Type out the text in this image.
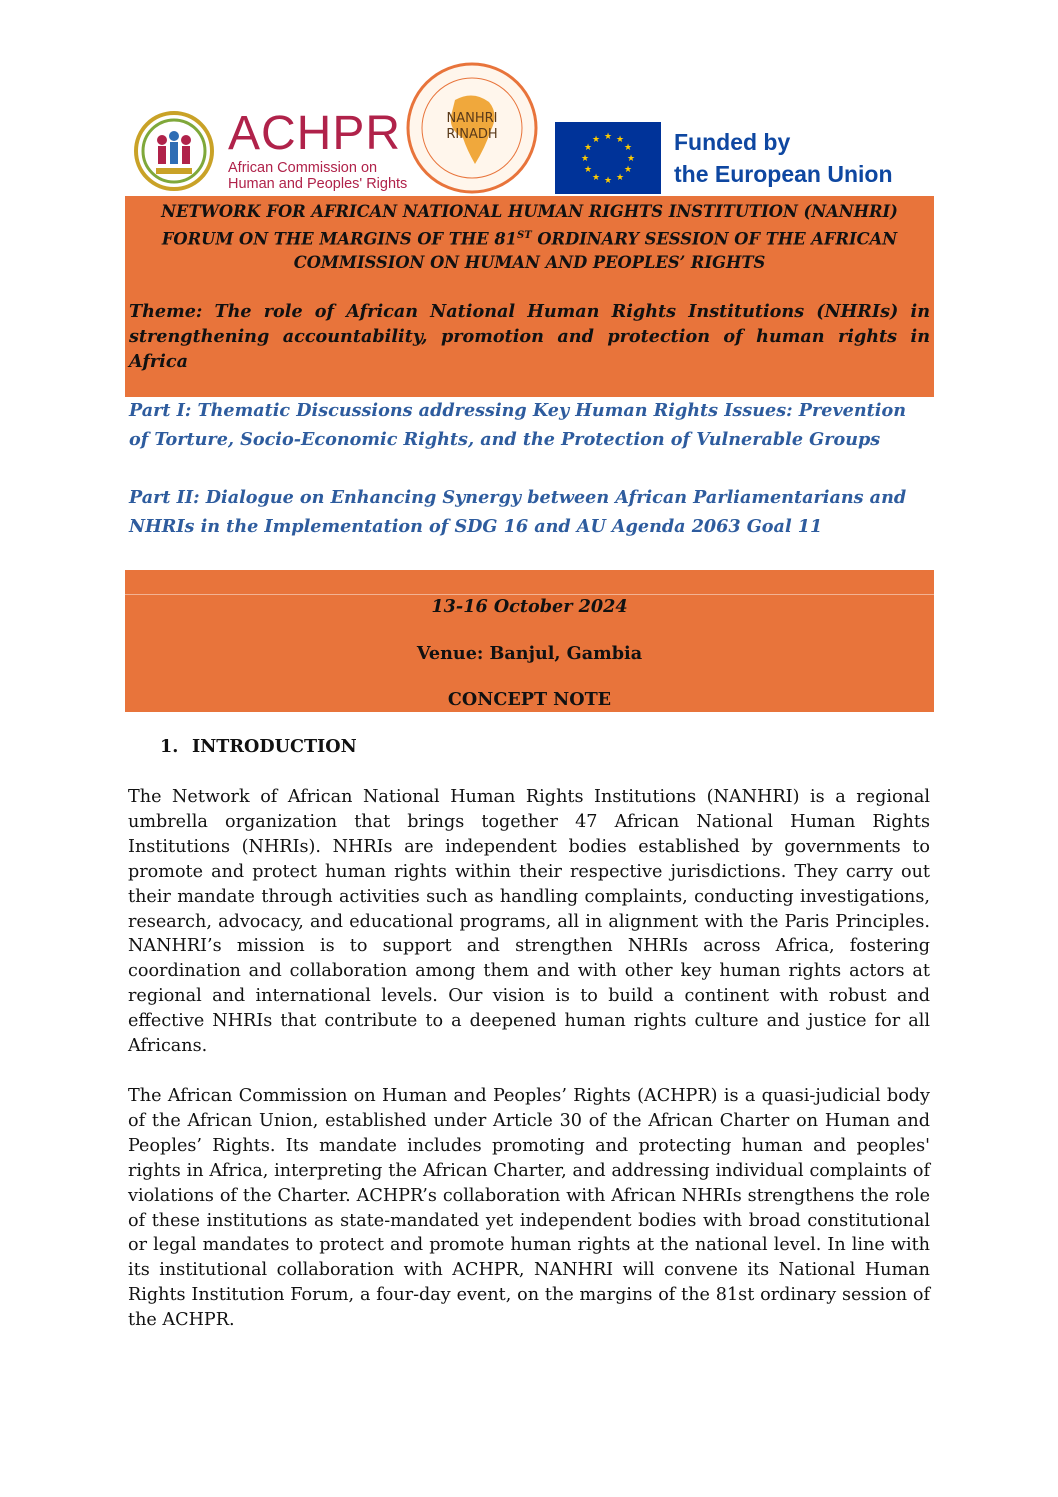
ACHPR
African Commission on
Human and Peoples' Rights
NANHRI
RINADH	★ ★
★
★
★
★
★
★
★
★
★
★	Funded by
the European Union
NETWORK FOR AFRICAN NATIONAL HUMAN RIGHTS INSTITUTION (NANHRI) FORUM ON THE MARGINS OF THE 81ST ORDINARY SESSION OF THE AFRICAN COMMISSION ON HUMAN AND PEOPLES’ RIGHTS
Theme: The role of African National Human Rights Institutions (NHRIs) in strengthening accountability, promotion and protection of human rights in Africa
Part I: Thematic Discussions addressing Key Human Rights Issues: Prevention of Torture, Socio-Economic Rights, and the Protection of Vulnerable Groups
Part II: Dialogue on Enhancing Synergy between African Parliamentarians and NHRIs in the Implementation of SDG 16 and AU Agenda 2063 Goal 11
13-16 October 2024
Venue: Banjul, Gambia
CONCEPT NOTE
1. INTRODUCTION

The Network of African National Human Rights Institutions (NANHRI) is a regional umbrella organization that brings together 47 African National Human Rights Institutions (NHRIs). NHRIs are independent bodies established by governments to promote and protect human rights within their respective jurisdictions. They carry out their mandate through activities such as handling complaints, conducting investigations, research, advocacy, and educational programs, all in alignment with the Paris Principles. NANHRI’s mission is to support and strengthen NHRIs across Africa, fostering coordination and collaboration among them and with other key human rights actors at regional and international levels. Our vision is to build a continent with robust and effective NHRIs that contribute to a deepened human rights culture and justice for all Africans.

The African Commission on Human and Peoples’ Rights (ACHPR) is a quasi-judicial body of the African Union, established under Article 30 of the African Charter on Human and Peoples’ Rights. Its mandate includes promoting and protecting human and peoples' rights in Africa, interpreting the African Charter, and addressing individual complaints of violations of the Charter. ACHPR’s collaboration with African NHRIs strengthens the role of these institutions as state-mandated yet independent bodies with broad constitutional or legal mandates to protect and promote human rights at the national level. In line with its institutional collaboration with ACHPR, NANHRI will convene its National Human Rights Institution Forum, a four-day event, on the margins of the 81st ordinary session of the ACHPR.
